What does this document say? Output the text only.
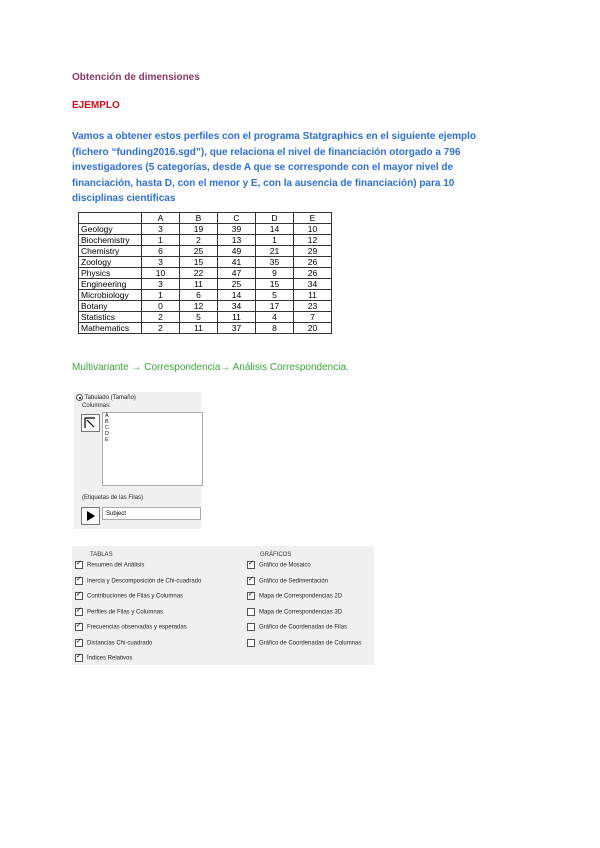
Obtención de dimensiones
EJEMPLO
Vamos a obtener estos perfiles con el programa Statgraphics en el siguiente ejemplo
(fichero “funding2016.sgd”), que relaciona el nivel de financiación otorgado a 796
investigadores (5 categorías, desde A que se corresponde con el mayor nivel de
financiación, hasta D, con el menor y E, con la ausencia de financiación) para 10
disciplinas científicas
	A	B	C	D	E
Geology	3	19	39	14	10
Biochemistry	1	2	13	1	12
Chemistry	6	25	49	21	29
Zoology	3	15	41	35	26
Physics	10	22	47	9	26
Engineering	3	11	25	15	34
Microbiology	1	6	14	5	11
Botany	0	12	34	17	23
Statistics	2	5	11	4	7
Mathematics	2	11	37	8	20
Multivariante → Correspondencia→ Análisis Correspondencia.
Tabulado (Tamaño)
Columnas:
A
B
C
D
E
(Etiquetas de las Filas)
Subject
TABLAS	GRÁFICOS
✓Resumen del Análisis
✓Inercia y Descomposición de Chi-cuadrado
✓Contribuciones de Filas y Columnas
✓Perfiles de Filas y Columnas
✓Frecuencias observadas y esperadas
✓Distancias Chi-cuadrado
✓Índices Relativos
✓Gráfico de Mosaico
✓Gráfico de Sedimentación
✓Mapa de Correspondencias 2D
Mapa de Correspondencias 3D
Gráfico de Coordenadas de Filas
Gráfico de Coordenadas de Columnas
